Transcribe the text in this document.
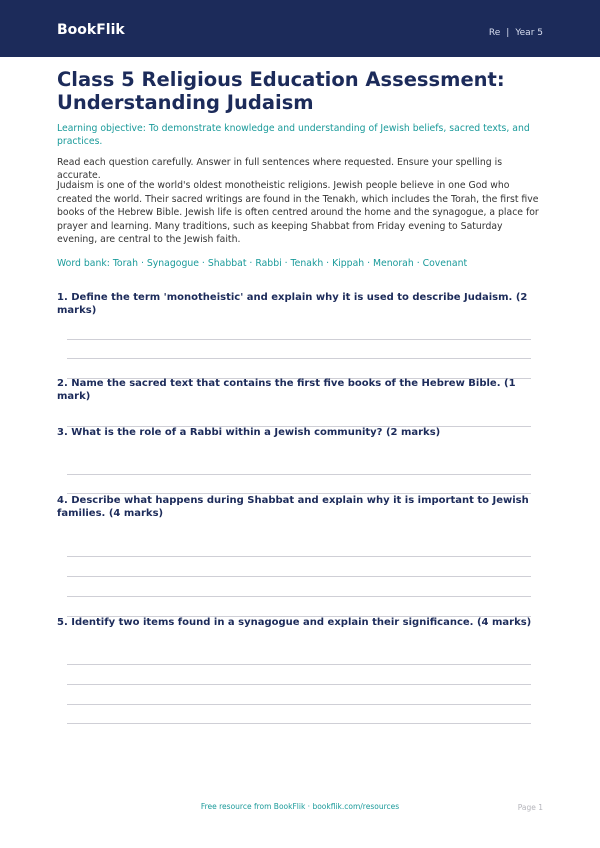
BookFlik	Re | Year 5
Class 5 Religious Education Assessment: Understanding Judaism

Learning objective: To demonstrate knowledge and understanding of Jewish beliefs, sacred texts, and practices.

Read each question carefully. Answer in full sentences where requested. Ensure your spelling is accurate.

Judaism is one of the world's oldest monotheistic religions. Jewish people believe in one God who created the world. Their sacred writings are found in the Tenakh, which includes the Torah, the first five books of the Hebrew Bible. Jewish life is often centred around the home and the synagogue, a place for prayer and learning. Many traditions, such as keeping Shabbat from Friday evening to Saturday evening, are central to the Jewish faith.

Word bank: Torah · Synagogue · Shabbat · Rabbi · Tenakh · Kippah · Menorah · Covenant

1. Define the term 'monotheistic' and explain why it is used to describe Judaism. (2 marks)
2. Name the sacred text that contains the first five books of the Hebrew Bible. (1 mark)
3. What is the role of a Rabbi within a Jewish community? (2 marks)
4. Describe what happens during Shabbat and explain why it is important to Jewish families. (4 marks)
5. Identify two items found in a synagogue and explain their significance. (4 marks)
Free resource from BookFlik · bookflik.com/resources	Page 1
